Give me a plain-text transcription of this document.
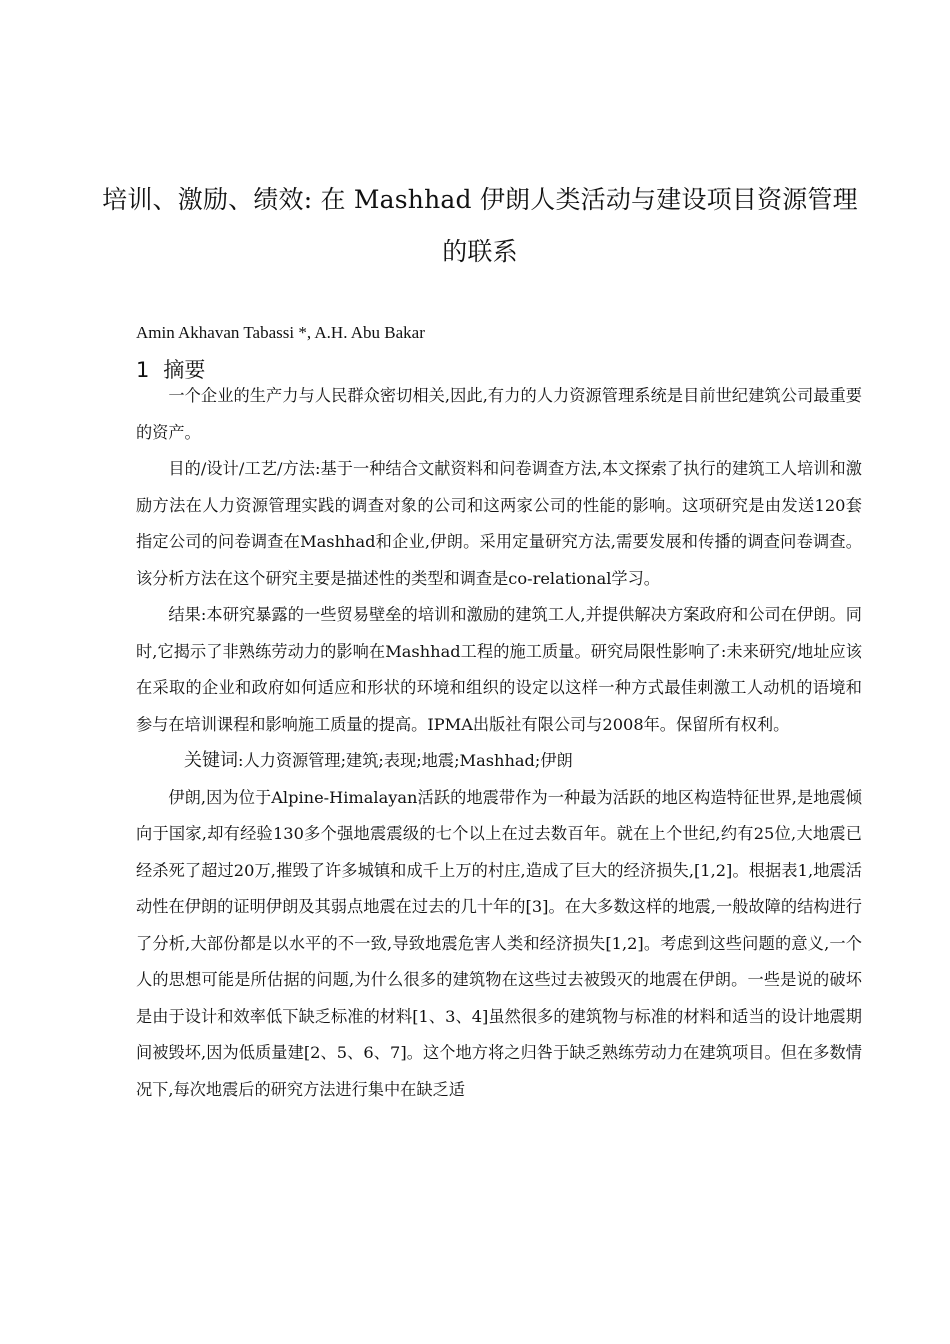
培训、激励、绩效: 在 Mashhad 伊朗人类活动与建设项目资源管理的联系
Amin Akhavan Tabassi *, A.H. Abu Bakar
1 摘要

一个企业的生产力与人民群众密切相关,因此,有力的人力资源管理系统是目前世纪建筑公司最重要的资产。

目的/设计/工艺/方法:基于一种结合文献资料和问卷调查方法,本文探索了执行的建筑工人培训和激励方法在人力资源管理实践的调查对象的公司和这两家公司的性能的影响。这项研究是由发送120套指定公司的问卷调查在Mashhad和企业,伊朗。采用定量研究方法,需要发展和传播的调查问卷调查。该分析方法在这个研究主要是描述性的类型和调查是co-relational学习。

结果:本研究暴露的一些贸易壁垒的培训和激励的建筑工人,并提供解决方案政府和公司在伊朗。同时,它揭示了非熟练劳动力的影响在Mashhad工程的施工质量。研究局限性影响了:未来研究/地址应该在采取的企业和政府如何适应和形状的环境和组织的设定以这样一种方式最佳刺激工人动机的语境和参与在培训课程和影响施工质量的提高。IPMA出版社有限公司与2008年。保留所有权利。

关键词:人力资源管理;建筑;表现;地震;Mashhad;伊朗

伊朗,因为位于Alpine-Himalayan活跃的地震带作为一种最为活跃的地区构造特征世界,是地震倾向于国家,却有经验130多个强地震震级的七个以上在过去数百年。就在上个世纪,约有25位,大地震已经杀死了超过20万,摧毁了许多城镇和成千上万的村庄,造成了巨大的经济损失,[1,2]。根据表1,地震活动性在伊朗的证明伊朗及其弱点地震在过去的几十年的[3]。在大多数这样的地震,一般故障的结构进行了分析,大部份都是以水平的不一致,导致地震危害人类和经济损失[1,2]。考虑到这些问题的意义,一个人的思想可能是所估据的问题,为什么很多的建筑物在这些过去被毁灭的地震在伊朗。一些是说的破坏是由于设计和效率低下缺乏标准的材料[1、3、4]虽然很多的建筑物与标准的材料和适当的设计地震期间被毁坏,因为低质量建[2、5、6、7]。这个地方将之归咎于缺乏熟练劳动力在建筑项目。但在多数情况下,每次地震后的研究方法进行集中在缺乏适
